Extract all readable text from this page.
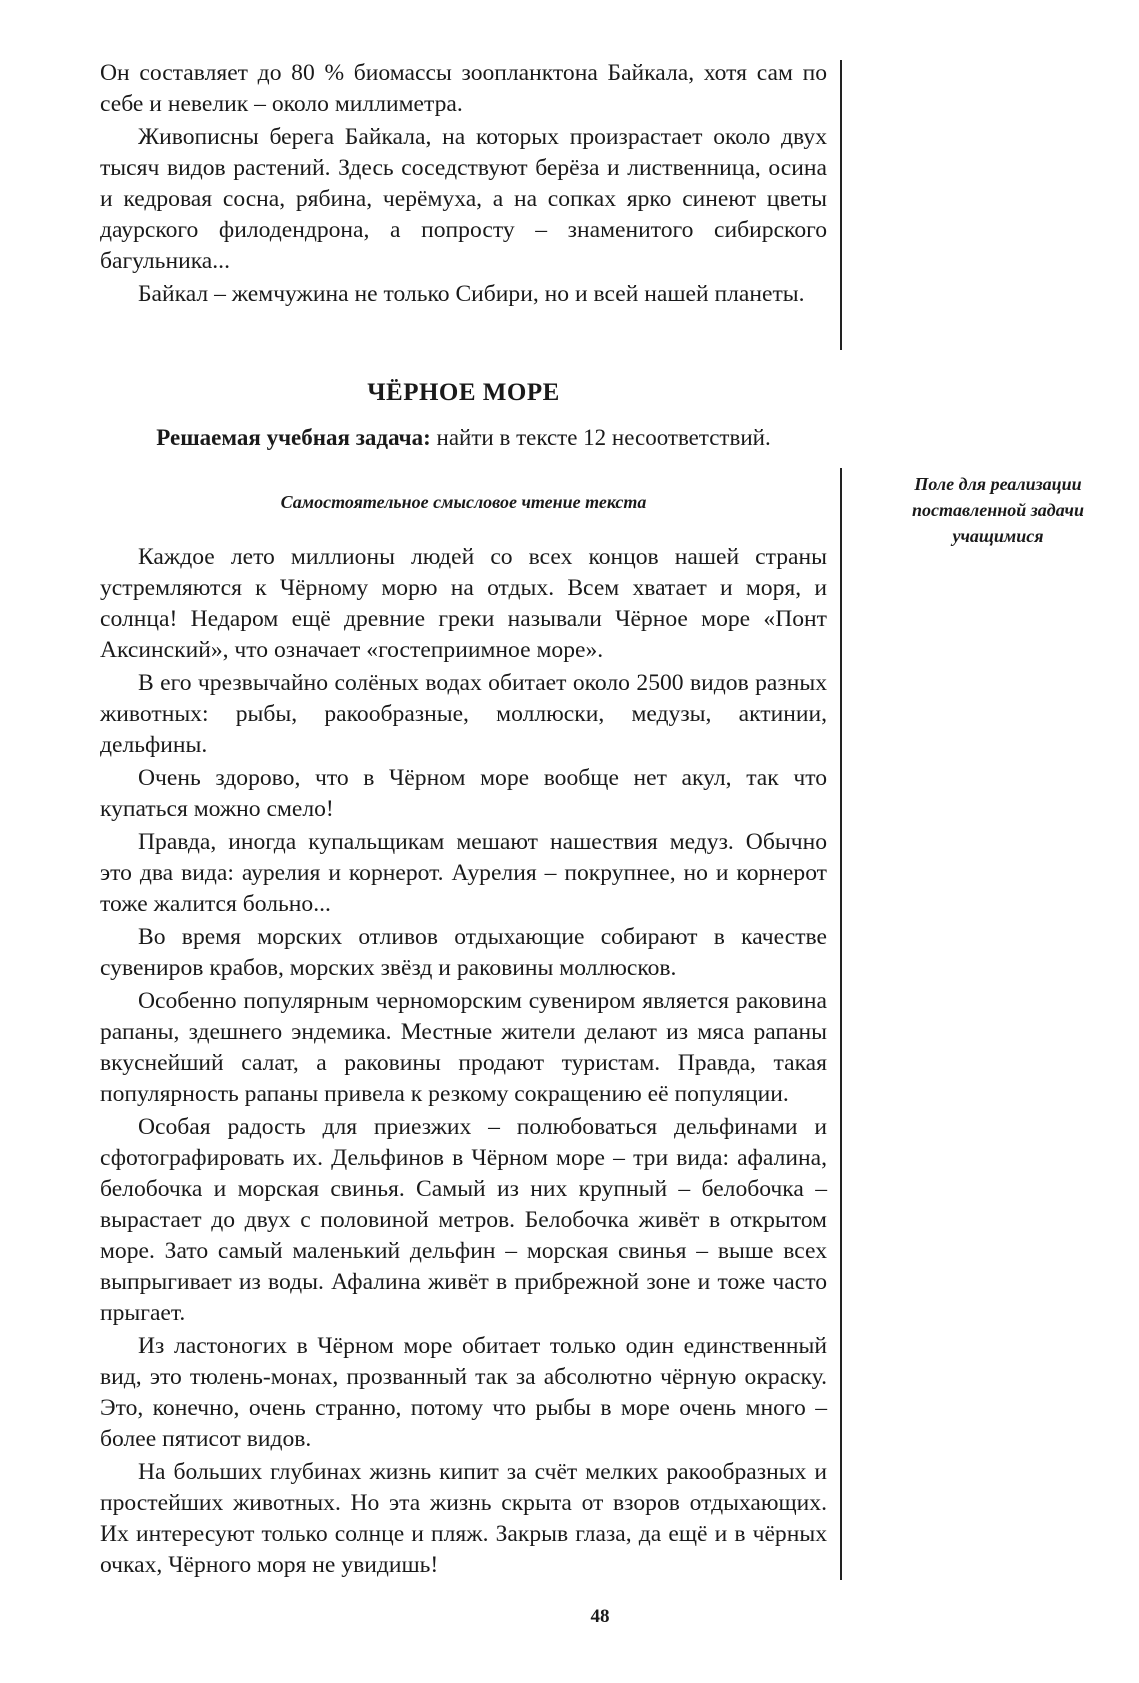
Он составляет до 80 % биомассы зоопланктона Байкала, хотя сам по себе и невелик – около миллиметра.

Живописны берега Байкала, на которых произрастает около двух тысяч видов растений. Здесь соседствуют берёза и лиственница, осина и кедровая сосна, рябина, черёмуха, а на сопках ярко синеют цветы даурского филодендрона, а попросту – знаменитого сибирского багульника...

Байкал – жемчужина не только Сибири, но и всей нашей планеты.

ЧЁРНОЕ МОРЕ
Решаемая учебная задача: найти в тексте 12 несоответствий.
Самостоятельное смысловое чтение текста
Поле для реализации
поставленной задачи
учащимися

Каждое лето миллионы людей со всех концов нашей страны устремляются к Чёрному морю на отдых. Всем хватает и моря, и солнца! Недаром ещё древние греки называли Чёрное море «Понт Аксинский», что означает «гостеприимное море».

В его чрезвычайно солёных водах обитает около 2500 видов разных животных: рыбы, ракообразные, моллюски, медузы, актинии, дельфины.

Очень здорово, что в Чёрном море вообще нет акул, так что купаться можно смело!

Правда, иногда купальщикам мешают нашествия медуз. Обычно это два вида: аурелия и корнерот. Аурелия – покрупнее, но и корнерот тоже жалится больно...

Во время морских отливов отдыхающие собирают в качестве сувениров крабов, морских звёзд и раковины моллюсков.

Особенно популярным черноморским сувениром является раковина рапаны, здешнего эндемика. Местные жители делают из мяса рапаны вкуснейший салат, а раковины продают туристам. Правда, такая популярность рапаны привела к резкому сокращению её популяции.

Особая радость для приезжих – полюбоваться дельфинами и сфотографировать их. Дельфинов в Чёрном море – три вида: афалина, белобочка и морская свинья. Самый из них крупный – белобочка – вырастает до двух с половиной метров. Белобочка живёт в открытом море. Зато самый маленький дельфин – морская свинья – выше всех выпрыгивает из воды. Афалина живёт в прибрежной зоне и тоже часто прыгает.

Из ластоногих в Чёрном море обитает только один единственный вид, это тюлень-монах, прозванный так за абсолютно чёрную окраску. Это, конечно, очень странно, потому что рыбы в море очень много – более пятисот видов.

На больших глубинах жизнь кипит за счёт мелких ракообразных и простейших животных. Но эта жизнь скрыта от взоров отдыхающих. Их интересуют только солнце и пляж. Закрыв глаза, да ещё и в чёрных очках, Чёрного моря не увидишь!

48
